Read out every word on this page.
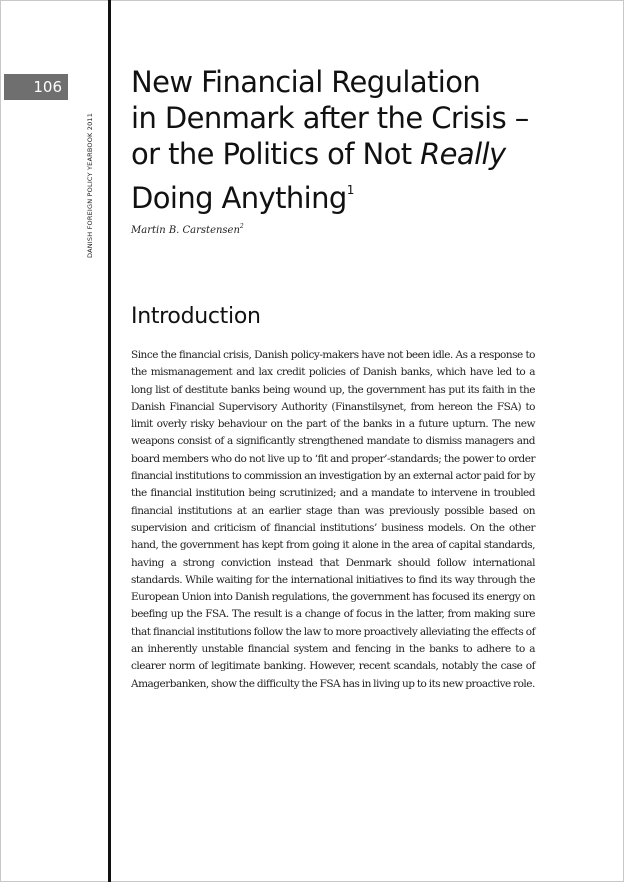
106
DANISH FOREIGN POLICY YEARBOOK 2011
New Financial Regulation
in Denmark after the Crisis –
or the Politics of Not Really
Doing Anything$^1$
Martin B. Carstensen$^2$
Introduction

Since the financial crisis, Danish policy-makers have not been idle. As a response to the mismanagement and lax credit policies of Danish banks, which have led to a long list of destitute banks being wound up, the government has put its faith in the Danish Financial Supervisory Authority (Finanstilsynet, from hereon the FSA) to limit overly risky behaviour on the part of the banks in a future upturn. The new weapons consist of a significantly strengthened mandate to dismiss managers and board members who do not live up to ‘fit and proper’-standards; the power to order financial institutions to commission an investigation by an external actor paid for by the financial institution being scrutinized; and a mandate to intervene in troubled financial institutions at an earlier stage than was previously possible based on supervision and criticism of financial institutions’ business models. On the other hand, the government has kept from going it alone in the area of capital standards, having a strong conviction instead that Denmark should follow international standards. While waiting for the international initiatives to find its way through the European Union into Danish regulations, the government has focused its energy on beefing up the FSA. The result is a change of focus in the latter, from making sure that financial institutions follow the law to more proactively alleviating the effects of an inherently unstable financial system and fencing in the banks to adhere to a clearer norm of legitimate banking. However, recent scandals, notably the case of Amagerbanken, show the difficulty the FSA has in living up to its new proactive role.
